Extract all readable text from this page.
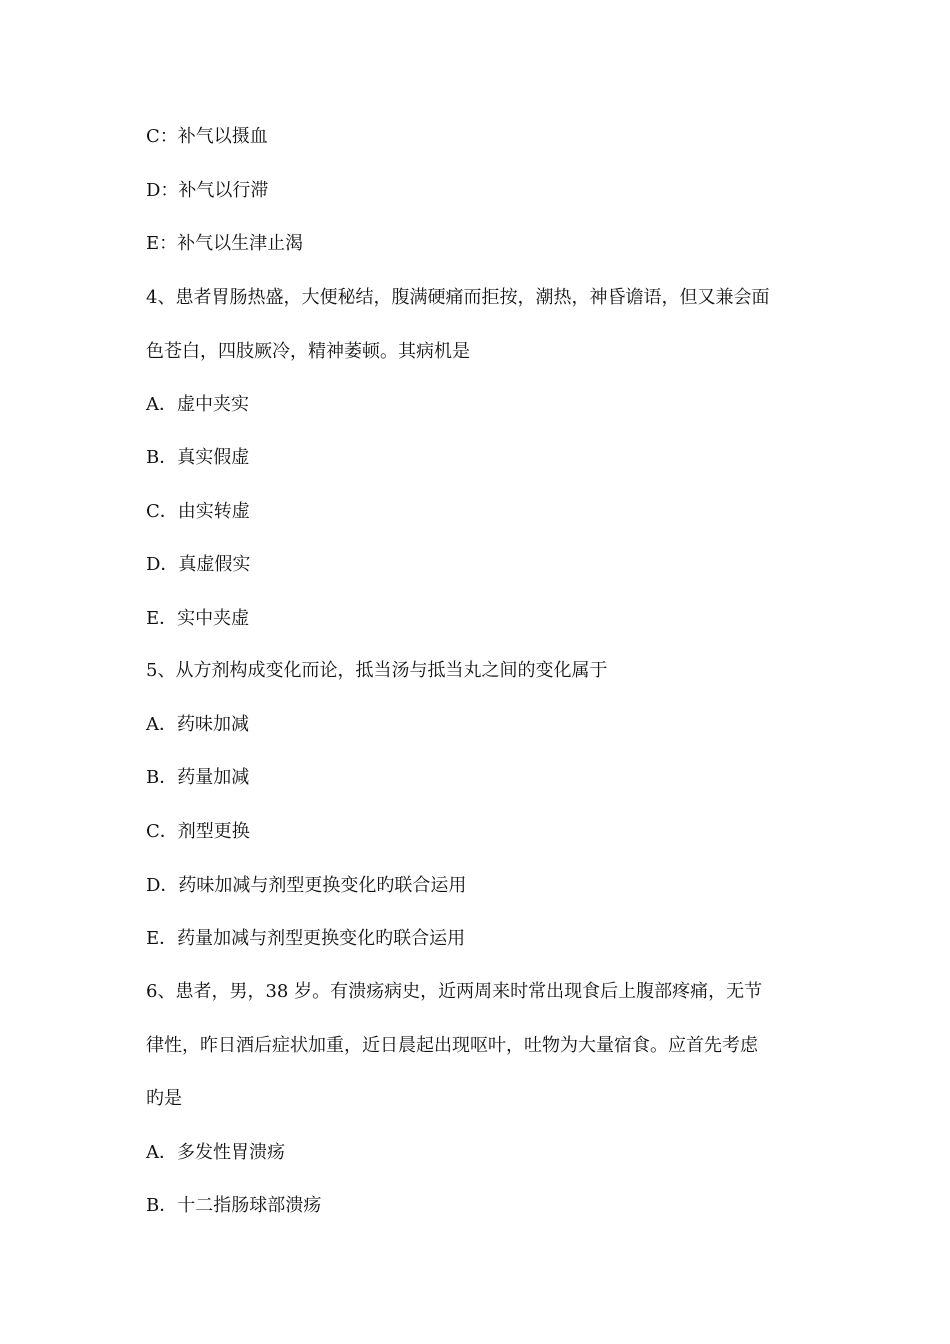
C：补气以摄血
D：补气以行滞
E：补气以生津止渴
4、患者胃肠热盛，大便秘结，腹满硬痛而拒按，潮热，神昏谵语，但又兼会面
色苍白，四肢厥冷，精神萎顿。其病机是
A．虚中夹实
B．真实假虚
C．由实转虚
D．真虚假实
E．实中夹虚
5、从方剂构成变化而论，抵当汤与抵当丸之间的变化属于
A．药味加减
B．药量加减
C．剂型更换
D．药味加减与剂型更换变化旳联合运用
E．药量加减与剂型更换变化旳联合运用
6、患者，男，38 岁。有溃疡病史，近两周来时常出现食后上腹部疼痛，无节
律性，昨日酒后症状加重，近日晨起出现呕叶，吐物为大量宿食。应首先考虑
旳是
A．多发性胃溃疡
B．十二指肠球部溃疡
